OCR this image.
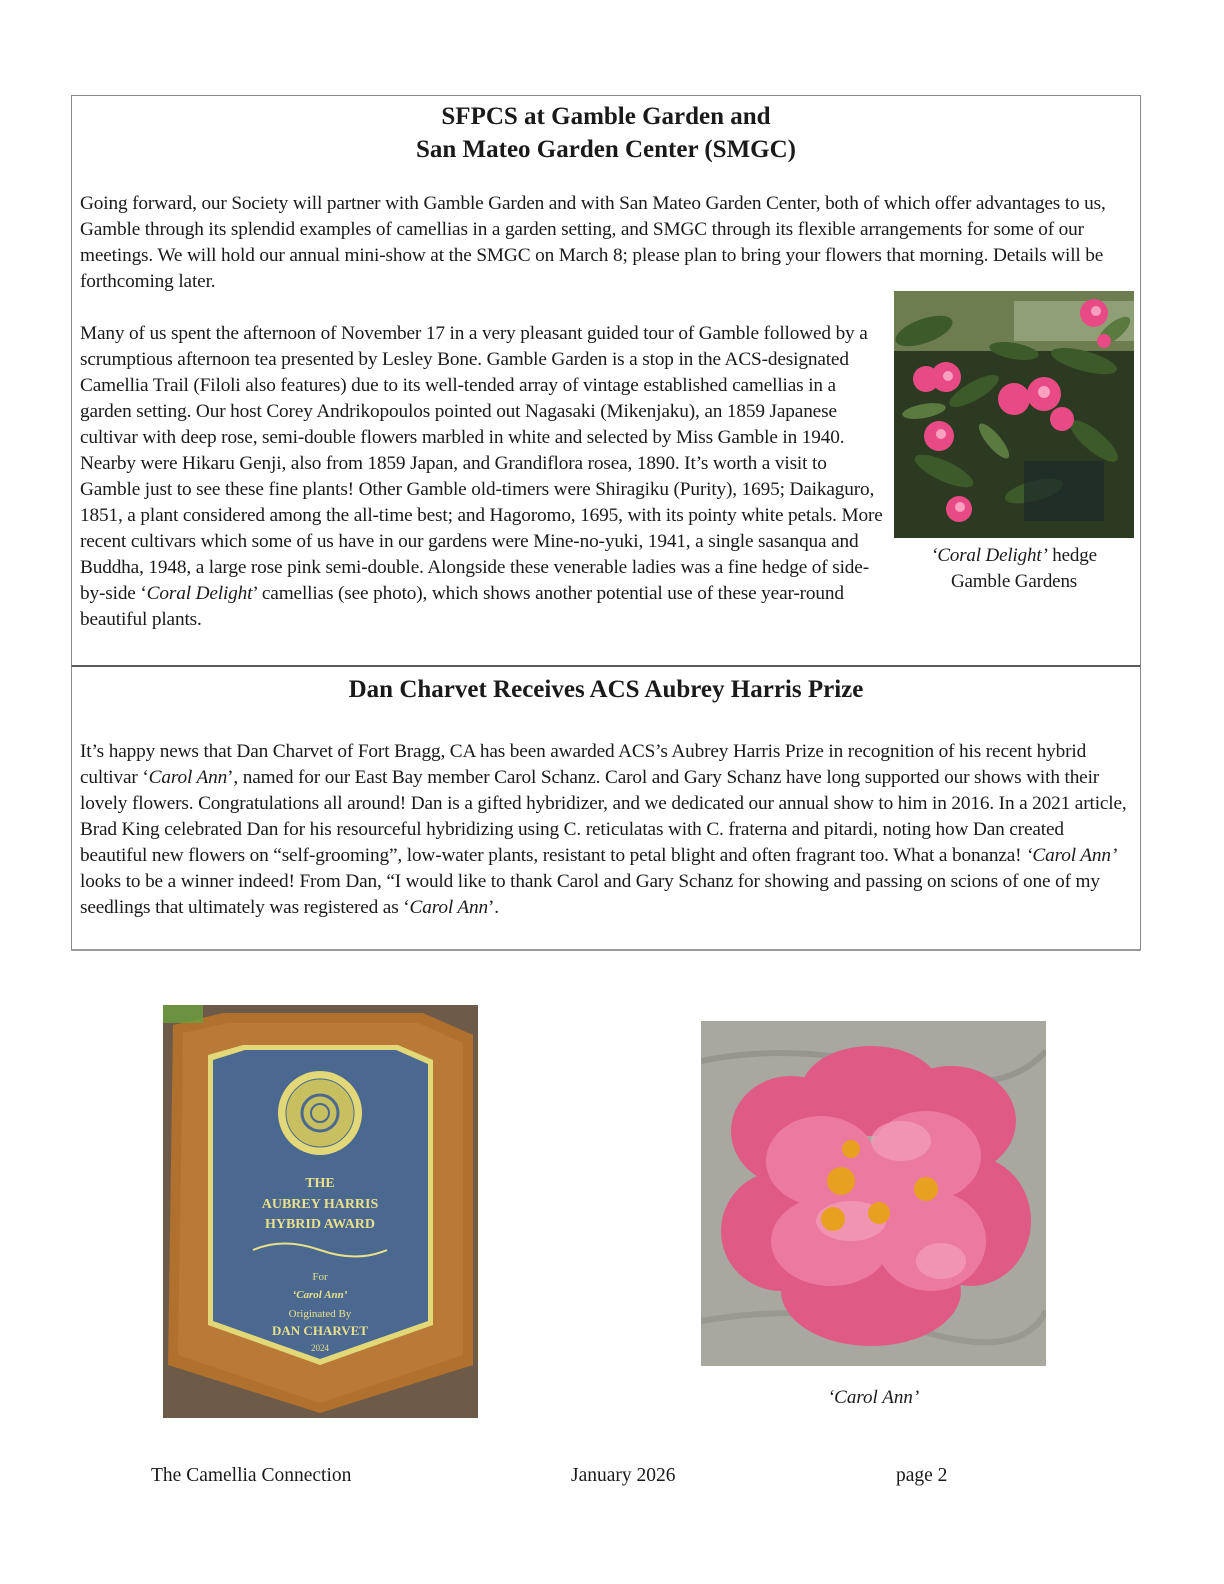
SFPCS at Gamble Garden and
San Mateo Garden Center (SMGC)

Going forward, our Society will partner with Gamble Garden and with San Mateo Garden Center, both of which offer advantages to us, Gamble through its splendid examples of camellias in a garden setting, and SMGC through its flexible arrangements for some of our meetings. We will hold our annual mini-show at the SMGC on March 8; please plan to bring your flowers that morning. Details will be forthcoming later.

‘Coral Delight’ hedge
Gamble Gardens
Many of us spent the afternoon of November 17 in a very pleasant guided tour of Gamble followed by a scrumptious afternoon tea presented by Lesley Bone. Gamble Garden is a stop in the ACS-designated Camellia Trail (Filoli also features) due to its well-tended array of vintage established camellias in a garden setting. Our host Corey Andrikopoulos pointed out Nagasaki (Mikenjaku), an 1859 Japanese cultivar with deep rose, semi-double flowers marbled in white and selected by Miss Gamble in 1940. Nearby were Hikaru Genji, also from 1859 Japan, and Grandiflora rosea, 1890. It’s worth a visit to Gamble just to see these fine plants! Other Gamble old-timers were Shiragiku (Purity), 1695; Daikaguro, 1851, a plant considered among the all-time best; and Hagoromo, 1695, with its pointy white petals. More recent cultivars which some of us have in our gardens were Mine-no-yuki, 1941, a single sasanqua and Buddha, 1948, a large rose pink semi-double. Alongside these venerable ladies was a fine hedge of side-by-side ‘Coral Delight’ camellias (see photo), which shows another potential use of these year-round beautiful plants.
Dan Charvet Receives ACS Aubrey Harris Prize

It’s happy news that Dan Charvet of Fort Bragg, CA has been awarded ACS’s Aubrey Harris Prize in recognition of his recent hybrid cultivar ‘Carol Ann’, named for our East Bay member Carol Schanz. Carol and Gary Schanz have long supported our shows with their lovely flowers. Congratulations all around! Dan is a gifted hybridizer, and we dedicated our annual show to him in 2016. In a 2021 article, Brad King celebrated Dan for his resourceful hybridizing using C. reticulatas with C. fraterna and pitardi, noting how Dan created beautiful new flowers on “self-grooming”, low-water plants, resistant to petal blight and often fragrant too. What a bonanza! ‘Carol Ann’ looks to be a winner indeed! From Dan, “I would like to thank Carol and Gary Schanz for showing and passing on scions of one of my seedlings that ultimately was registered as ‘Carol Ann’.

THE
AUBREY HARRIS
HYBRID AWARD
For
‘Carol Ann’
Originated By
DAN CHARVET
2024
‘Carol Ann’
The Camellia Connection	January 2026	page 2
